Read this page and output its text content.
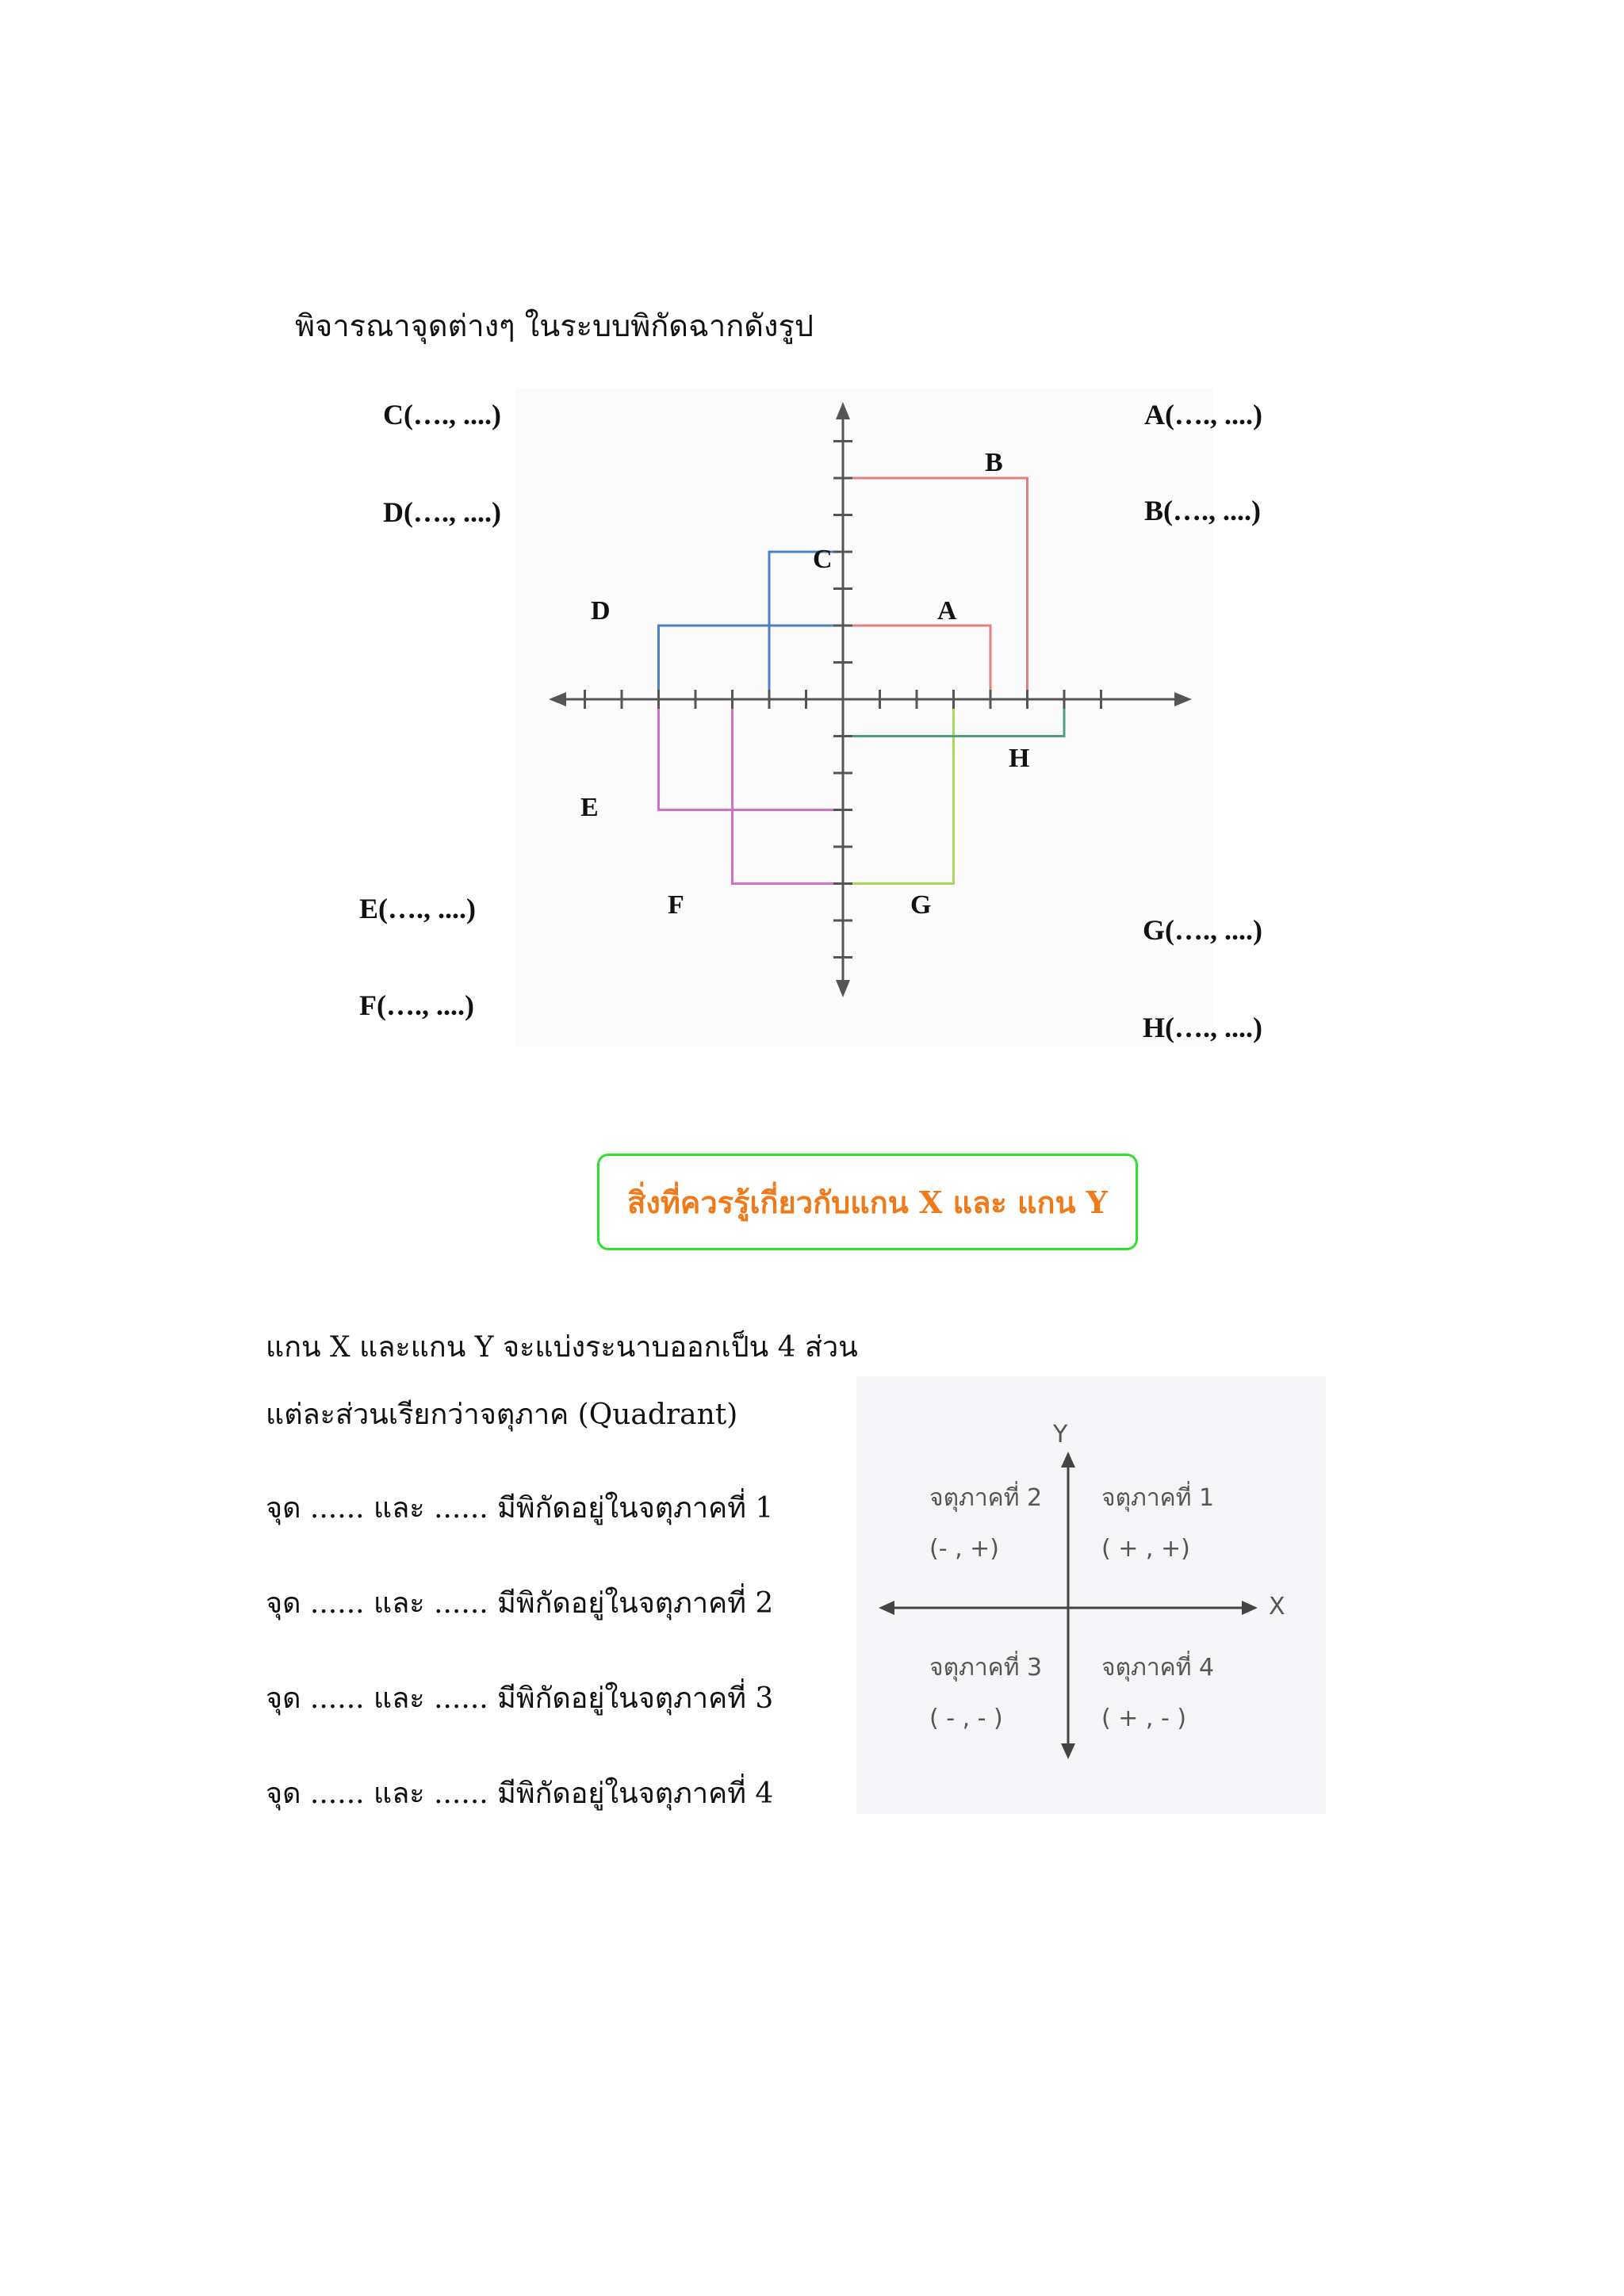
พิจารณาจุดต่างๆ ในระบบพิกัดฉากดังรูป
B
C
D	A
H
E
F	G
C(…., ....)
D(…., ....)
E(…., ....)
F(…., ....)
A(…., ....)
B(…., ....)
G(…., ....)
H(…., ....)
สิ่งที่ควรรู้เกี่ยวกับแกน X และ แกน Y
แกน X และแกน Y จะแบ่งระนาบออกเป็น 4 ส่วน
แต่ละส่วนเรียกว่าจตุภาค (Quadrant)
จุด ...... และ ...... มีพิกัดอยู่ในจตุภาคที่ 1
จุด ...... และ ...... มีพิกัดอยู่ในจตุภาคที่ 2
จุด ...... และ ...... มีพิกัดอยู่ในจตุภาคที่ 3
จุด ...... และ ...... มีพิกัดอยู่ในจตุภาคที่ 4
Y
X
จตุภาคที่ 2
(- , +)
จตุภาคที่ 1
( + , +)
จตุภาคที่ 3
( - , - )
จตุภาคที่ 4
( + , - )
